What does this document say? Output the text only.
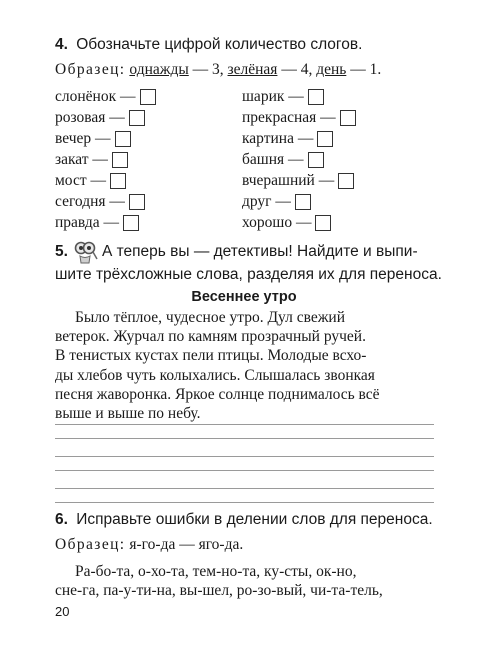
4. Обозначьте цифрой количество слогов.
Образец: однажды — 3, зелёная — 4, день — 1.
слонёнок —
розовая —
вечер —
закат —
мост —
сегодня —
правда —
шарик —
прекрасная —
картина —
башня —
вчерашний —
друг —
хорошо —
5. А теперь вы — детективы! Найдите и выпи-
шите трёхсложные слова, разделяя их для переноса.
Весеннее утро
Было тёплое, чудесное утро. Дул свежий
ветерок. Журчал по камням прозрачный ручей.
В тенистых кустах пели птицы. Молодые всхо-
ды хлебов чуть колыхались. Слышалась звонкая
песня жаворонка. Яркое солнце поднималось всё
выше и выше по небу.
6. Исправьте ошибки в делении слов для переноса.
Образец: я-го-да — яго-да.
Ра-бо-та, о-хо-та, тем-но-та, ку-сты, ок-но,
сне-га, па-у-ти-на, вы-шел, ро-зо-вый, чи-та-тель,
20
